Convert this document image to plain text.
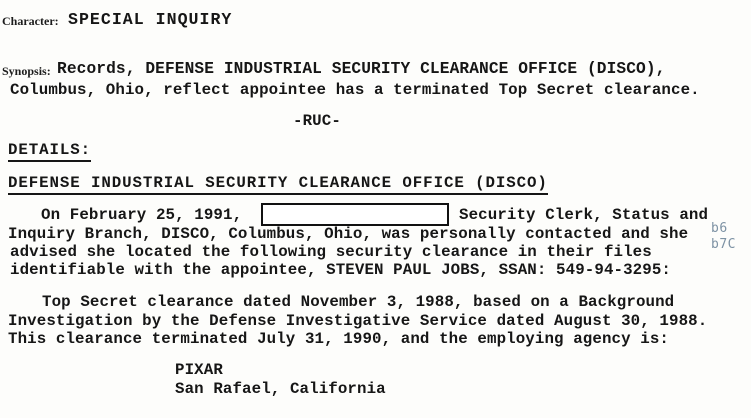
Character: SPECIAL INQUIRY
Synopsis: Records, DEFENSE INDUSTRIAL SECURITY CLEARANCE OFFICE (DISCO),
Columbus, Ohio, reflect appointee has a terminated Top Secret clearance.
-RUC-
DETAILS:
DEFENSE INDUSTRIAL SECURITY CLEARANCE OFFICE (DISCO)
On February 25, 1991,	Security Clerk, Status and
Inquiry Branch, DISCO, Columbus, Ohio, was personally contacted and she
advised she located the following security clearance in their files
identifiable with the appointee, STEVEN PAUL JOBS, SSAN: 549-94-3295:
b6
b7C
Top Secret clearance dated November 3, 1988, based on a Background
Investigation by the Defense Investigative Service dated August 30, 1988.
This clearance terminated July 31, 1990, and the employing agency is:
PIXAR
San Rafael, California
